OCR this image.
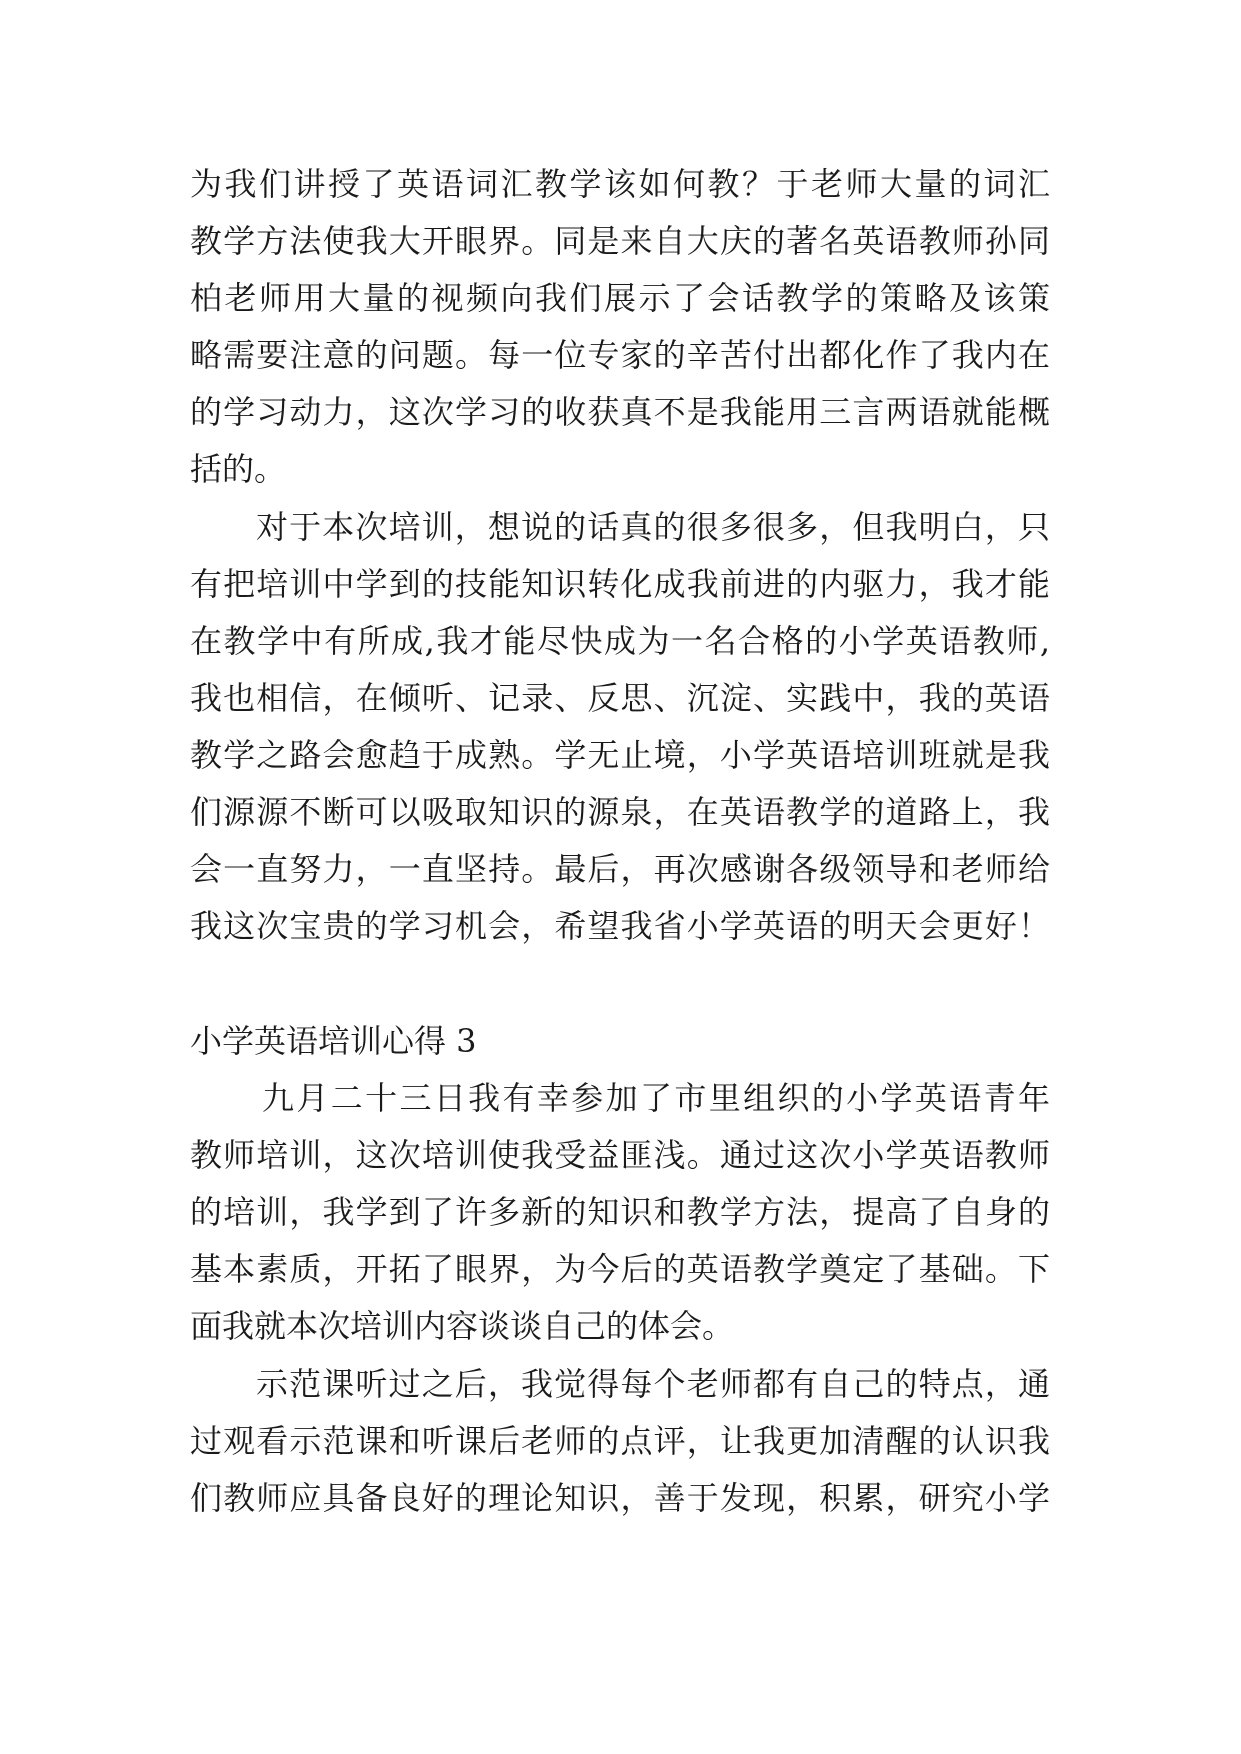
为我们讲授了英语词汇教学该如何教？于老师大量的词汇
教学方法使我大开眼界。同是来自大庆的著名英语教师孙同
柏老师用大量的视频向我们展示了会话教学的策略及该策
略需要注意的问题。每一位专家的辛苦付出都化作了我内在
的学习动力，这次学习的收获真不是我能用三言两语就能概
括的。
对于本次培训，想说的话真的很多很多，但我明白，只
有把培训中学到的技能知识转化成我前进的内驱力，我才能
在教学中有所成,我才能尽快成为一名合格的小学英语教师,
我也相信，在倾听、记录、反思、沉淀、实践中，我的英语
教学之路会愈趋于成熟。学无止境，小学英语培训班就是我
们源源不断可以吸取知识的源泉，在英语教学的道路上，我
会一直努力，一直坚持。最后，再次感谢各级领导和老师给
我这次宝贵的学习机会，希望我省小学英语的明天会更好！
小学英语培训心得 3
九月二十三日我有幸参加了市里组织的小学英语青年
教师培训，这次培训使我受益匪浅。通过这次小学英语教师
的培训，我学到了许多新的知识和教学方法，提高了自身的
基本素质，开拓了眼界，为今后的英语教学奠定了基础。下
面我就本次培训内容谈谈自己的体会。
示范课听过之后，我觉得每个老师都有自己的特点，通
过观看示范课和听课后老师的点评，让我更加清醒的认识我
们教师应具备良好的理论知识，善于发现，积累，研究小学
